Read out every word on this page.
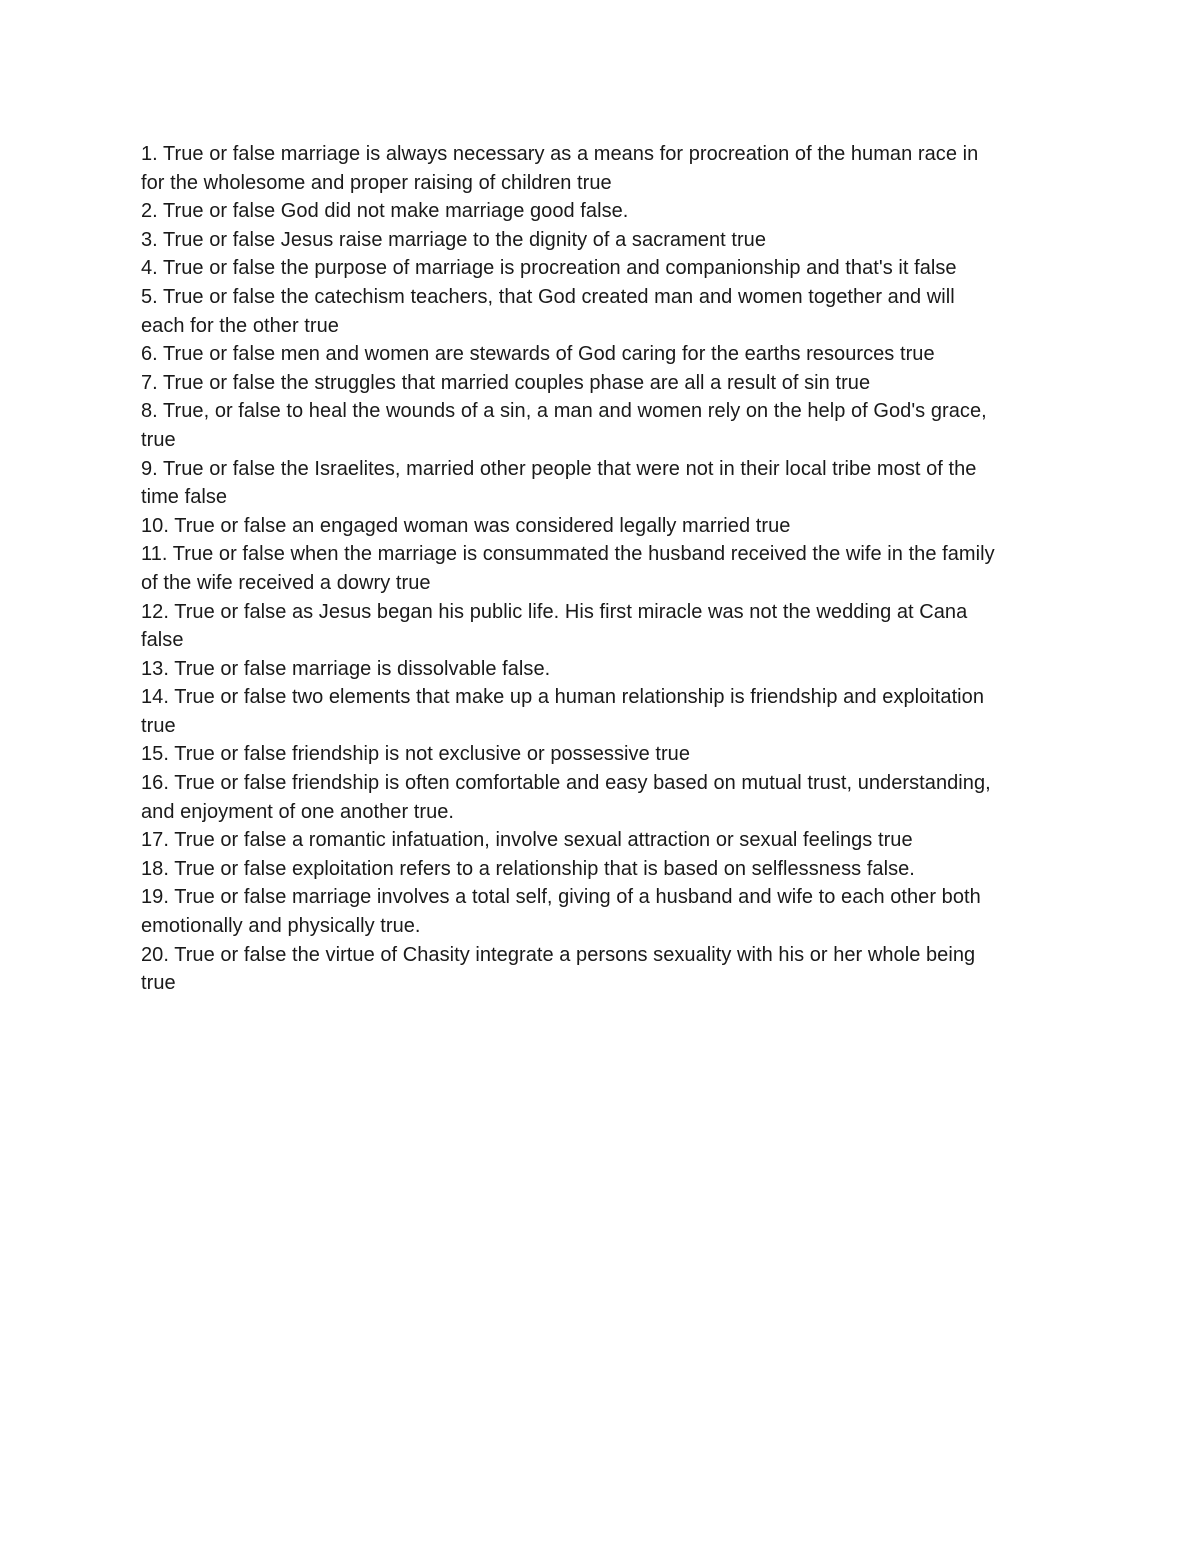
1. True or false marriage is always necessary as a means for procreation of the human race in

for the wholesome and proper raising of children true

2. True or false God did not make marriage good false.

3. True or false Jesus raise marriage to the dignity of a sacrament true

4. True or false the purpose of marriage is procreation and companionship and that's it false

5. True or false the catechism teachers, that God created man and women together and will

each for the other true

6. True or false men and women are stewards of God caring for the earths resources true

7. True or false the struggles that married couples phase are all a result of sin true

8. True, or false to heal the wounds of a sin, a man and women rely on the help of God's grace,

true

9. True or false the Israelites, married other people that were not in their local tribe most of the

time false

10. True or false an engaged woman was considered legally married true

11. True or false when the marriage is consummated the husband received the wife in the family

of the wife received a dowry true

12. True or false as Jesus began his public life. His first miracle was not the wedding at Cana

false

13. True or false marriage is dissolvable false.

14. True or false two elements that make up a human relationship is friendship and exploitation

true

15. True or false friendship is not exclusive or possessive true

16. True or false friendship is often comfortable and easy based on mutual trust, understanding,

and enjoyment of one another true.

17. True or false a romantic infatuation, involve sexual attraction or sexual feelings true

18. True or false exploitation refers to a relationship that is based on selflessness false.

19. True or false marriage involves a total self, giving of a husband and wife to each other both

emotionally and physically true.

20. True or false the virtue of Chasity integrate a persons sexuality with his or her whole being

true
